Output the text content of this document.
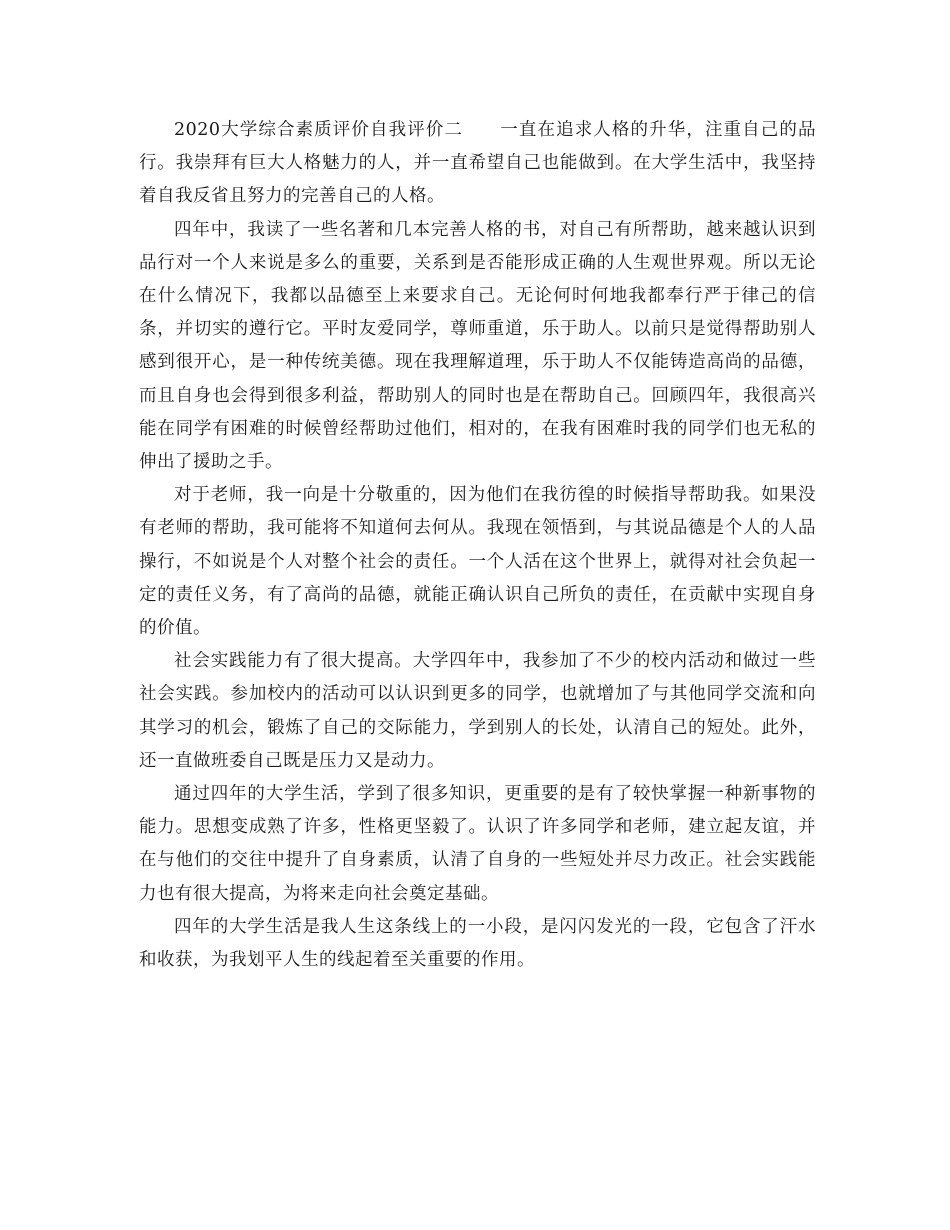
2020大学综合素质评价自我评价二　　 一直在追求人格的升华，注重自己的品行。我崇拜有巨大人格魅力的人，并一直希望自己也能做到。在大学生活中，我坚持着自我反省且努力的完善自己的人格。

四年中，我读了一些名著和几本完善人格的书，对自己有所帮助，越来越认识到品行对一个人来说是多么的重要，关系到是否能形成正确的人生观世界观。所以无论在什么情况下，我都以品德至上来要求自己。无论何时何地我都奉行严于律己的信条，并切实的遵行它。平时友爱同学，尊师重道，乐于助人。以前只是觉得帮助别人感到很开心，是一种传统美德。现在我理解道理，乐于助人不仅能铸造高尚的品德，而且自身也会得到很多利益，帮助别人的同时也是在帮助自己。回顾四年，我很高兴能在同学有困难的时候曾经帮助过他们，相对的，在我有困难时我的同学们也无私的伸出了援助之手。

对于老师，我一向是十分敬重的，因为他们在我彷徨的时候指导帮助我。如果没有老师的帮助，我可能将不知道何去何从。我现在领悟到，与其说品德是个人的人品操行，不如说是个人对整个社会的责任。一个人活在这个世界上，就得对社会负起一定的责任义务，有了高尚的品德，就能正确认识自己所负的责任，在贡献中实现自身的价值。

社会实践能力有了很大提高。大学四年中，我参加了不少的校内活动和做过一些社会实践。参加校内的活动可以认识到更多的同学，也就增加了与其他同学交流和向其学习的机会，锻炼了自己的交际能力，学到别人的长处，认清自己的短处。此外，还一直做班委自己既是压力又是动力。

通过四年的大学生活，学到了很多知识，更重要的是有了较快掌握一种新事物的能力。思想变成熟了许多，性格更坚毅了。认识了许多同学和老师，建立起友谊，并在与他们的交往中提升了自身素质，认清了自身的一些短处并尽力改正。社会实践能力也有很大提高，为将来走向社会奠定基础。

四年的大学生活是我人生这条线上的一小段，是闪闪发光的一段，它包含了汗水和收获，为我划平人生的线起着至关重要的作用。
